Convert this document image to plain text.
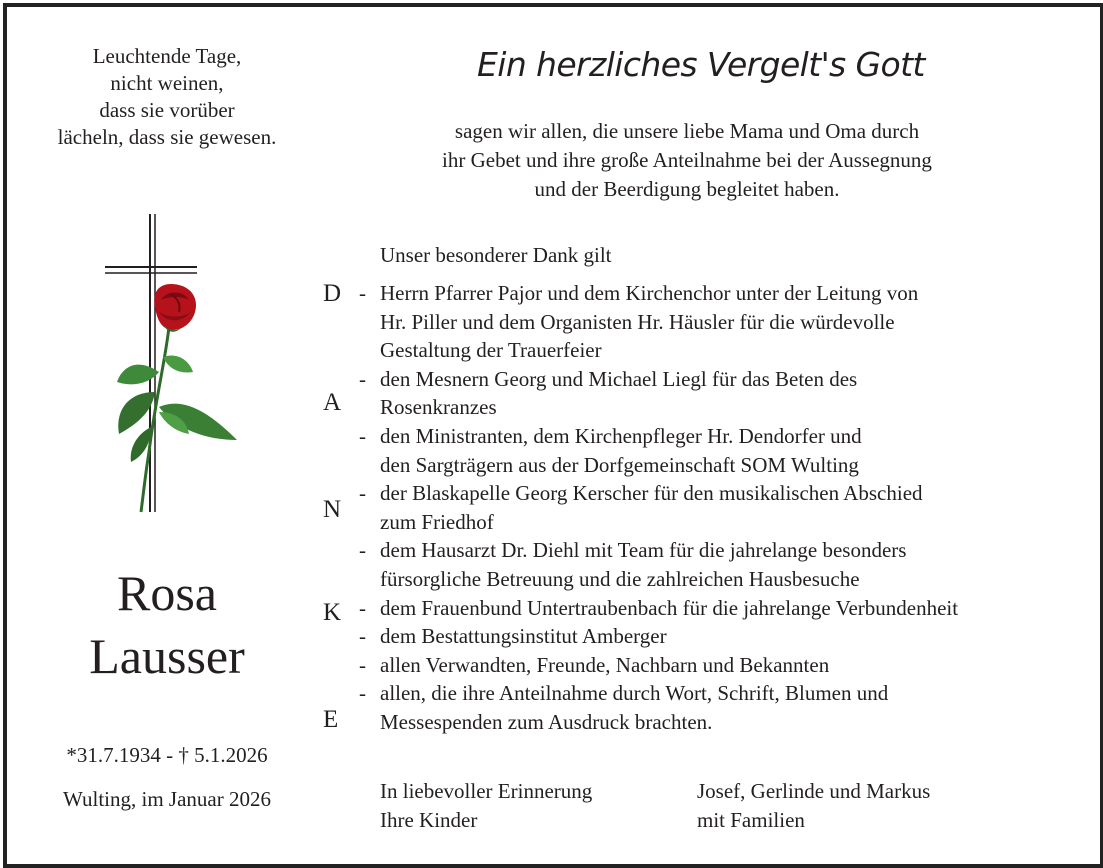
Leuchtende Tage,
nicht weinen,
dass sie vorüber
lächeln, dass sie gewesen.
Ein herzliches Vergelt's Gott
sagen wir allen, die unsere liebe Mama und Oma durch
ihr Gebet und ihre große Anteilnahme bei der Aussegnung
und der Beerdigung begleitet haben.
Rosa
Lausser
*31.7.1934 - † 5.1.2026
Wulting, im Januar 2026
Unser besonderer Dank gilt
D
A
N
K
E
- Herrn Pfarrer Pajor und dem Kirchenchor unter der Leitung von
Hr. Piller und dem Organisten Hr. Häusler für die würdevolle
Gestaltung der Trauerfeier
- den Mesnern Georg und Michael Liegl für das Beten des
Rosenkranzes
- den Ministranten, dem Kirchenpfleger Hr. Dendorfer und
den Sargträgern aus der Dorfgemeinschaft SOM Wulting
- der Blaskapelle Georg Kerscher für den musikalischen Abschied
zum Friedhof
- dem Hausarzt Dr. Diehl mit Team für die jahrelange besonders
fürsorgliche Betreuung und die zahlreichen Hausbesuche
- dem Frauenbund Untertraubenbach für die jahrelange Verbundenheit
- dem Bestattungsinstitut Amberger
- allen Verwandten, Freunde, Nachbarn und Bekannten
- allen, die ihre Anteilnahme durch Wort, Schrift, Blumen und
Messespenden zum Ausdruck brachten.
In liebevoller Erinnerung
Ihre Kinder
Josef, Gerlinde und Markus
mit Familien
